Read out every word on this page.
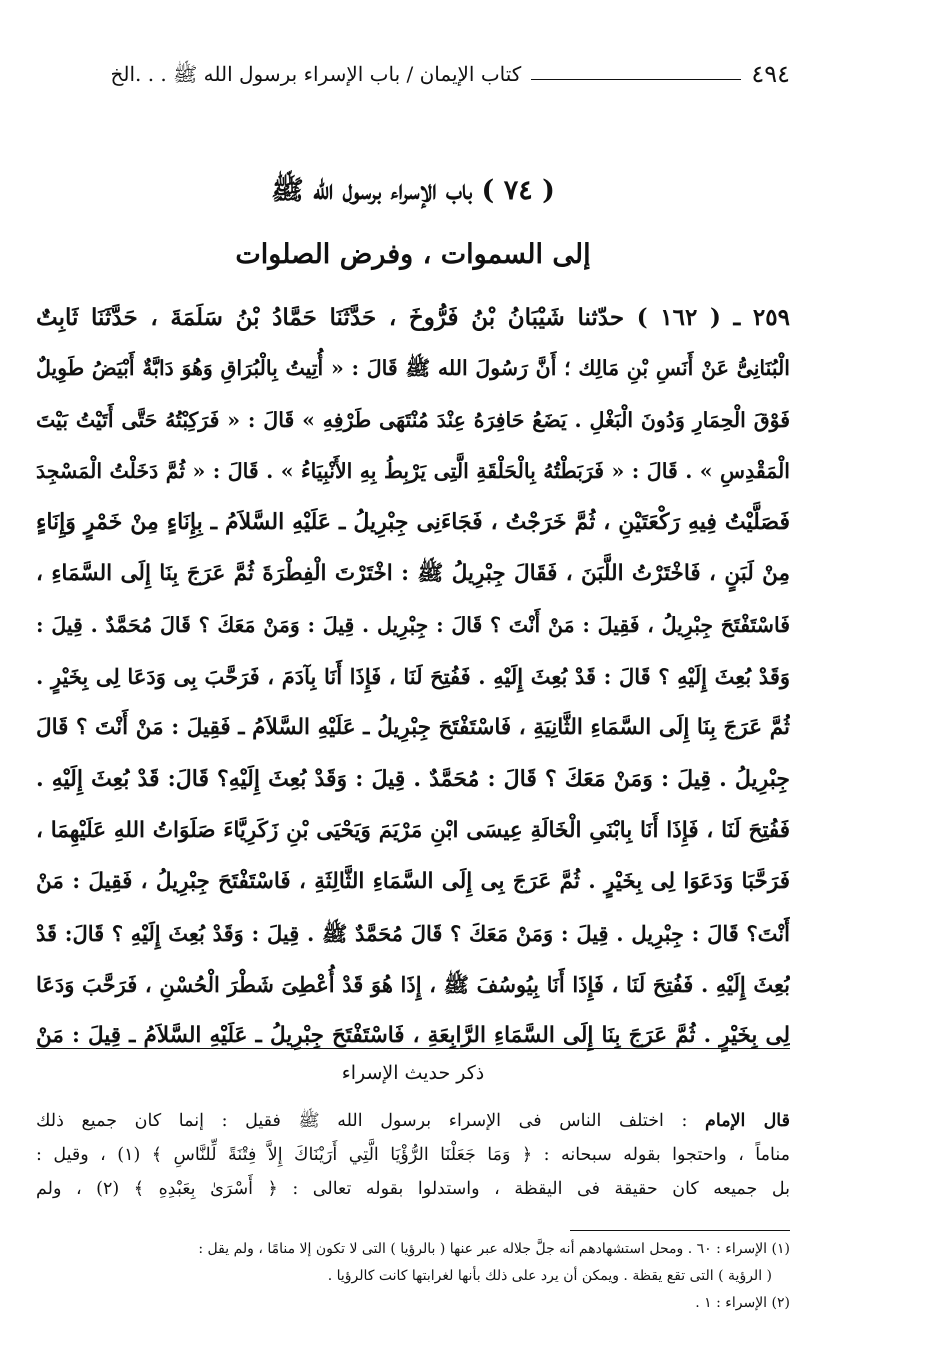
٤٩٤
كتاب الإيمان / باب الإسراء برسول الله ﷺ . . .الخ
( ٧٤ ) باب الإسراء برسول الله ﷺ
إلى السموات ، وفرض الصلوات
٢٥٩ ـ ( ١٦٢ ) حدّثنا شَيْبَانُ بْنُ فَرُّوخَ ، حَدَّثَنَا حَمَّادُ بْنُ سَلَمَةَ ، حَدَّثَنَا ثَابِتٌ
الْبُنَانِىُّ عَنْ أَنَسِ بْنِ مَالِك ؛ أَنَّ رَسُولَ الله ﷺ قَالَ : « أُتِيتُ بِالْبُرَاقِ وَهُوَ دَابَّةٌ أَبْيَضُ طَوِيلٌ
فَوْقَ الْحِمَارِ وَدُونَ الْبَغْلِ . يَضَعُ حَافِرَهُ عِنْدَ مُنْتَهَى طَرْفِهِ » قَالَ : « فَرَكِبْتُهُ حَتَّى أَتَيْتُ بَيْتَ
الْمَقْدِسِ » . قَالَ : « فَرَبَطْتُهُ بِالْحَلْقَةِ الَّتِى يَرْبِطُ بِهِ الأَنْبِيَاءُ » . قَالَ : « ثُمَّ دَخَلْتُ الْمَسْجِدَ
فَصَلَّيْتُ فِيهِ رَكْعَتَيْنِ ، ثُمَّ خَرَجْتُ ، فَجَاءَنِى جِبْرِيلُ ـ عَلَيْهِ السَّلاَمُ ـ بِإِنَاءٍ مِنْ خَمْرٍ وَإِنَاءٍ
مِنْ لَبَنٍ ، فَاخْتَرْتُ اللَّبَنَ ، فَقَالَ جِبْرِيلُ ﷺ : اخْتَرْتَ الْفِطْرَةَ ثُمَّ عَرَجَ بِنَا إِلَى السَّمَاءِ ،
فَاسْتَفْتَحَ جِبْرِيلُ ، فَقِيلَ : مَنْ أَنْتَ ؟ قَالَ : جِبْرِيل . قِيلَ : وَمَنْ مَعَكَ ؟ قَالَ مُحَمَّدٌ . قِيلَ :
وَقَدْ بُعِثَ إِلَيْهِ ؟ قَالَ : قَدْ بُعِثَ إِلَيْهِ . فَفُتِحَ لَنَا ، فَإِذَا أَنَا بِآدَمَ ، فَرَحَّبَ بِى وَدَعَا لِى بِخَيْرٍ .
ثُمَّ عَرَجَ بِنَا إِلَى السَّمَاءِ الثَّانِيَةِ ، فَاسْتَفْتَحَ جِبْرِيلُ ـ عَلَيْهِ السَّلاَمُ ـ فَقِيلَ : مَنْ أَنْتَ ؟ قَالَ
جِبْرِيلُ . قِيلَ : وَمَنْ مَعَكَ ؟ قَالَ : مُحَمَّدٌ . قِيلَ : وَقَدْ بُعِثَ إِلَيْهِ؟ قَالَ: قَدْ بُعِثَ إِلَيْهِ .
فَفُتِحَ لَنَا ، فَإِذَا أَنَا بِابْنَىِ الْخَالَةِ عِيسَى ابْنِ مَرْيَمَ وَيَحْيَى بْنِ زَكَرِيَّاءَ صَلَوَاتُ اللهِ عَلَيْهِمَا ،
فَرَحَّبَا وَدَعَوَا لِى بِخَيْرٍ . ثُمَّ عَرَجَ بِى إِلَى السَّمَاءِ الثَّالِثَةِ ، فَاسْتَفْتَحَ جِبْرِيلُ ، فَقِيلَ : مَنْ
أَنْتَ؟ قَالَ : جِبْرِيل . قِيلَ : وَمَنْ مَعَكَ ؟ قَالَ مُحَمَّدٌ ﷺ . قِيلَ : وَقَدْ بُعِثَ إِلَيْهِ ؟ قَالَ: قَدْ
بُعِثَ إِلَيْهِ . فَفُتِحَ لَنَا ، فَإِذَا أَنَا بِيُوسُفَ ﷺ ، إِذَا هُوَ قَدْ أُعْطِىَ شَطْرَ الْحُسْنِ ، فَرَحَّبَ وَدَعَا
لِى بِخَيْرٍ . ثُمَّ عَرَجَ بِنَا إِلَى السَّمَاءِ الرَّابِعَةِ ، فَاسْتَفْتَحَ جِبْرِيلُ ـ عَلَيْهِ السَّلاَمُ ـ قِيلَ : مَنْ
ذكر حديث الإسراء
قال الإمام : اختلف الناس فى الإسراء برسول الله ﷺ فقيل : إنما كان جميع ذلك
مناماً ، واحتجوا بقوله سبحانه : ﴿ وَمَا جَعَلْنَا الرُّؤْيَا الَّتِي أَرَيْنَاكَ إِلاَّ فِتْنَةً لِّلنَّاسِ ﴾ (١) ، وقيل :
بل جميعه كان حقيقة فى اليقظة ، واستدلوا بقوله تعالى : ﴿ أَسْرَىٰ بِعَبْدِهِ ﴾ (٢) ، ولم
(١) الإسراء : ٦٠ . ومحل استشهادهم أنه جلَّ جلاله عبر عنها ( بالرؤيا ) التى لا تكون إلا منامًا ، ولم يقل :
( الرؤية ) التى تقع يقظة . ويمكن أن يرد على ذلك بأنها لغرابتها كانت كالرؤيا .
(٢) الإسراء : ١ .
